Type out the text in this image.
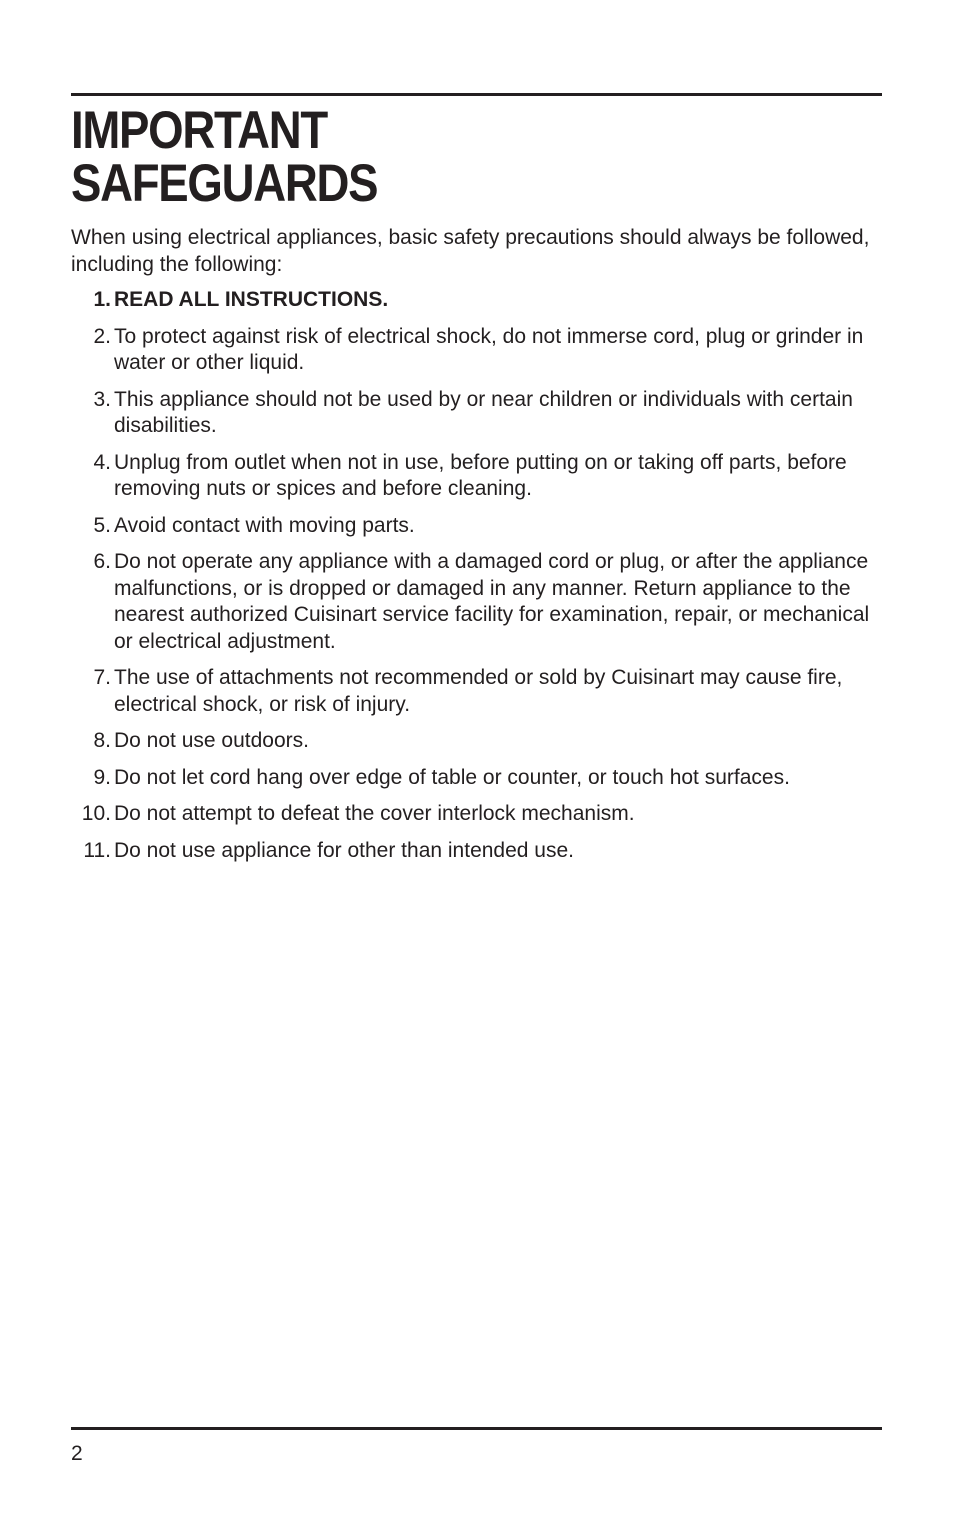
IMPORTANT
SAFEGUARDS

When using electrical appliances, basic safety precautions should always be followed, including the following:

1. READ ALL INSTRUCTIONS.
2. To protect against risk of electrical shock, do not immerse cord, plug or grinder in water or other liquid.
3. This appliance should not be used by or near children or individuals with certain disabilities.
4. Unplug from outlet when not in use, before putting on or taking off parts, before removing nuts or spices and before cleaning.
5. Avoid contact with moving parts.
6. Do not operate any appliance with a damaged cord or plug, or after the appliance malfunctions, or is dropped or damaged in any manner. Return appliance to the nearest authorized Cuisinart service facility for examination, repair, or mechanical or electrical adjustment.
7. The use of attachments not recommended or sold by Cuisinart may cause fire, electrical shock, or risk of injury.
8. Do not use outdoors.
9. Do not let cord hang over edge of table or counter, or touch hot surfaces.
10. Do not attempt to defeat the cover interlock mechanism.
11. Do not use appliance for other than intended use.
2
